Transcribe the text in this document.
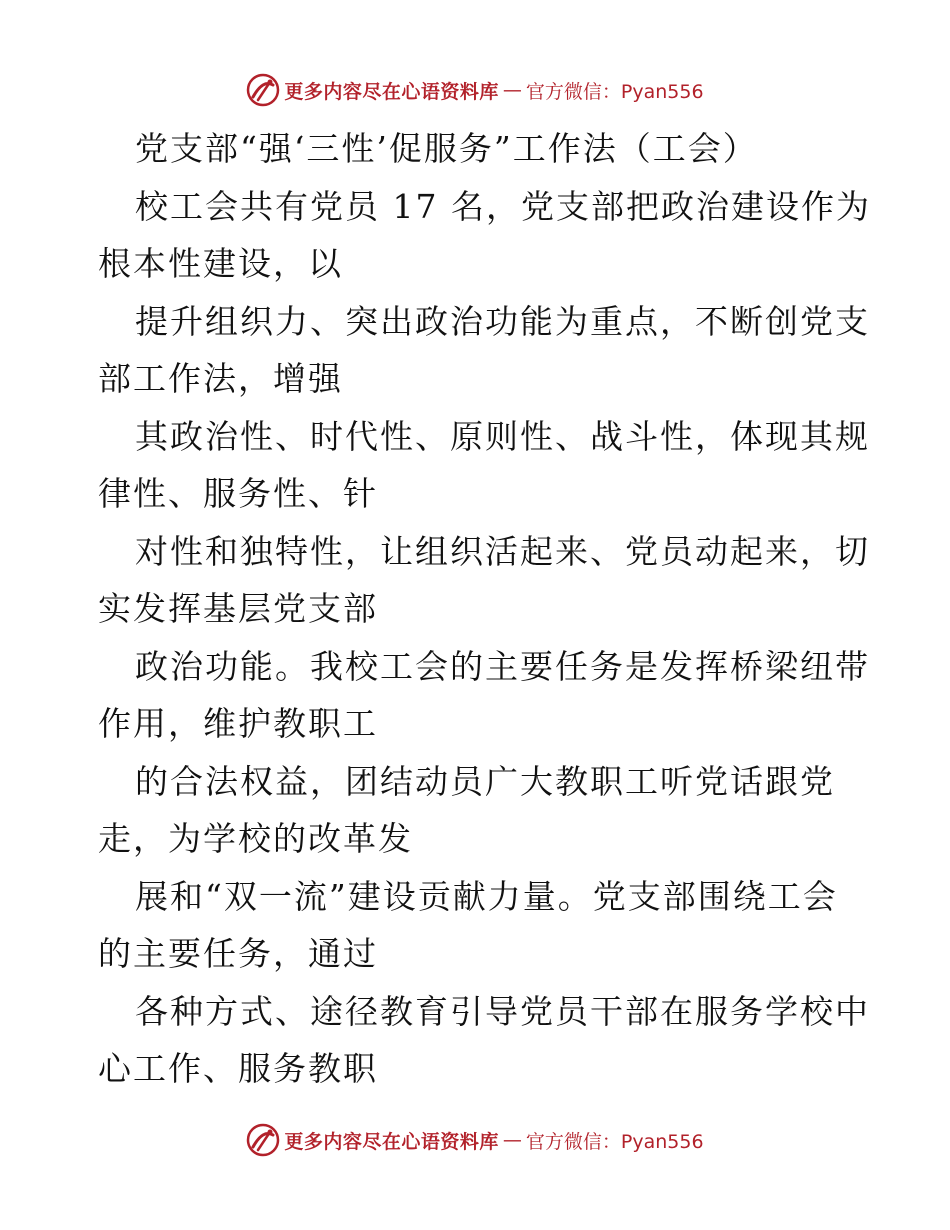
更多内容尽在心语资料库 — 官方微信：Pyan556
党支部“强‘三性’促服务”工作法（工会）
校工会共有党员 17 名，党支部把政治建设作为
根本性建设，以
提升组织力、突出政治功能为重点，不断创党支
部工作法，增强
其政治性、时代性、原则性、战斗性，体现其规
律性、服务性、针
对性和独特性，让组织活起来、党员动起来，切
实发挥基层党支部
政治功能。我校工会的主要任务是发挥桥梁纽带
作用，维护教职工
的合法权益，团结动员广大教职工听党话跟党
走，为学校的改革发
展和“双一流”建设贡献力量。党支部围绕工会
的主要任务，通过
各种方式、途径教育引导党员干部在服务学校中
心工作、服务教职
更多内容尽在心语资料库 — 官方微信：Pyan556
